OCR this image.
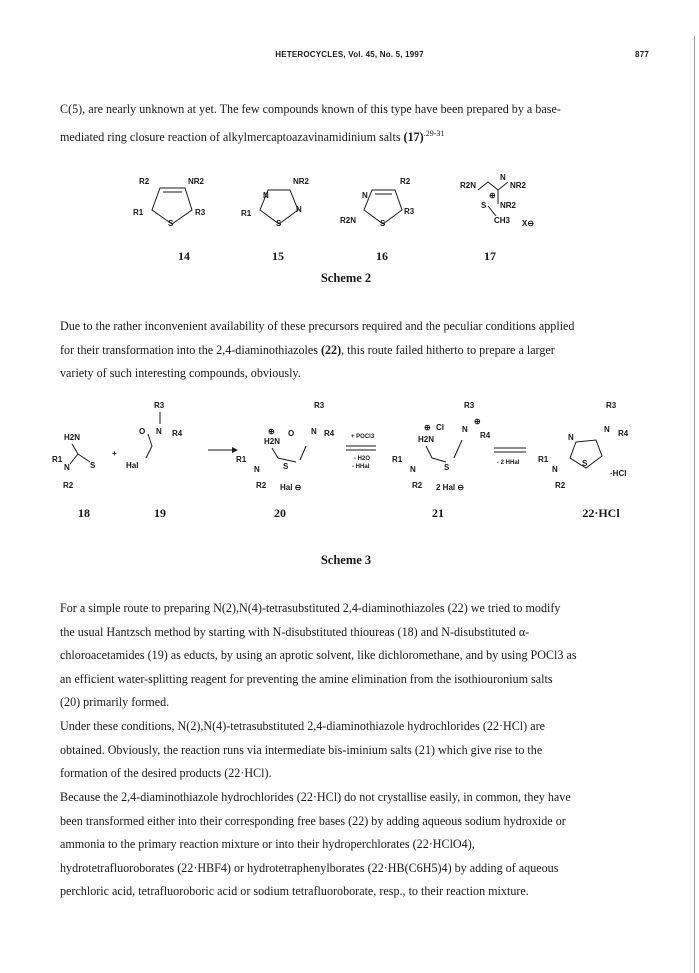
HETEROCYCLES, Vol. 45, No. 5, 1997	877
C(5), are nearly unknown at yet. The few compounds known of this type have been prepared by a base-
mediated ring closure reaction of alkylmercaptoazavinamidinium salts $(17)^{.29-31}$
R2	NR2
R1
S
R3
N
NR2
R1
S
N
N
R2
R2N	S
R3
R2N
N
NR2
S NR2
⊕
CH3 X⊖
14	15	16	17
Scheme 2
Due to the rather inconvenient availability of these precursors required and the peculiar conditions applied
for their transformation into the 2,4-diaminothiazoles (22), this route failed hitherto to prepare a larger
variety of such interesting compounds, obviously.
H2N
R1
N	S
R2
+
R3
O N R4
Hal
R3
⊕
H2N
O N R4
R1
N	S
R2 Hal ⊖
+ POCl3
- H2O
- HHal
R3
⊕ Cl N
⊕
R4
H2N
R1
N	S
R2 2 Hal ⊖
- 2 HHal
R3
N R4
N
R1
N
S
R2
·HCl
18	19	20	21	22·HCl
Scheme 3
For a simple route to preparing N(2),N(4)-tetrasubstituted 2,4-diaminothiazoles (22) we tried to modify
the usual Hantzsch method by starting with N-disubstituted thioureas (18) and N-disubstituted α-
chloroacetamides (19) as educts, by using an aprotic solvent, like dichloromethane, and by using POCl3 as
an efficient water-splitting reagent for preventing the amine elimination from the isothiouronium salts
(20) primarily formed.
Under these conditions, N(2),N(4)-tetrasubstituted 2,4-diaminothiazole hydrochlorides (22·HCl) are
obtained. Obviously, the reaction runs via intermediate bis-iminium salts (21) which give rise to the
formation of the desired products (22·HCl).
Because the 2,4-diaminothiazole hydrochlorides (22·HCl) do not crystallise easily, in common, they have
been transformed either into their corresponding free bases (22) by adding aqueous sodium hydroxide or
ammonia to the primary reaction mixture or into their hydroperchlorates (22·HClO4),
hydrotetrafluoroborates (22·HBF4) or hydrotetraphenylborates (22·HB(C6H5)4) by adding of aqueous
perchloric acid, tetrafluoroboric acid or sodium tetrafluoroborate, resp., to their reaction mixture.
